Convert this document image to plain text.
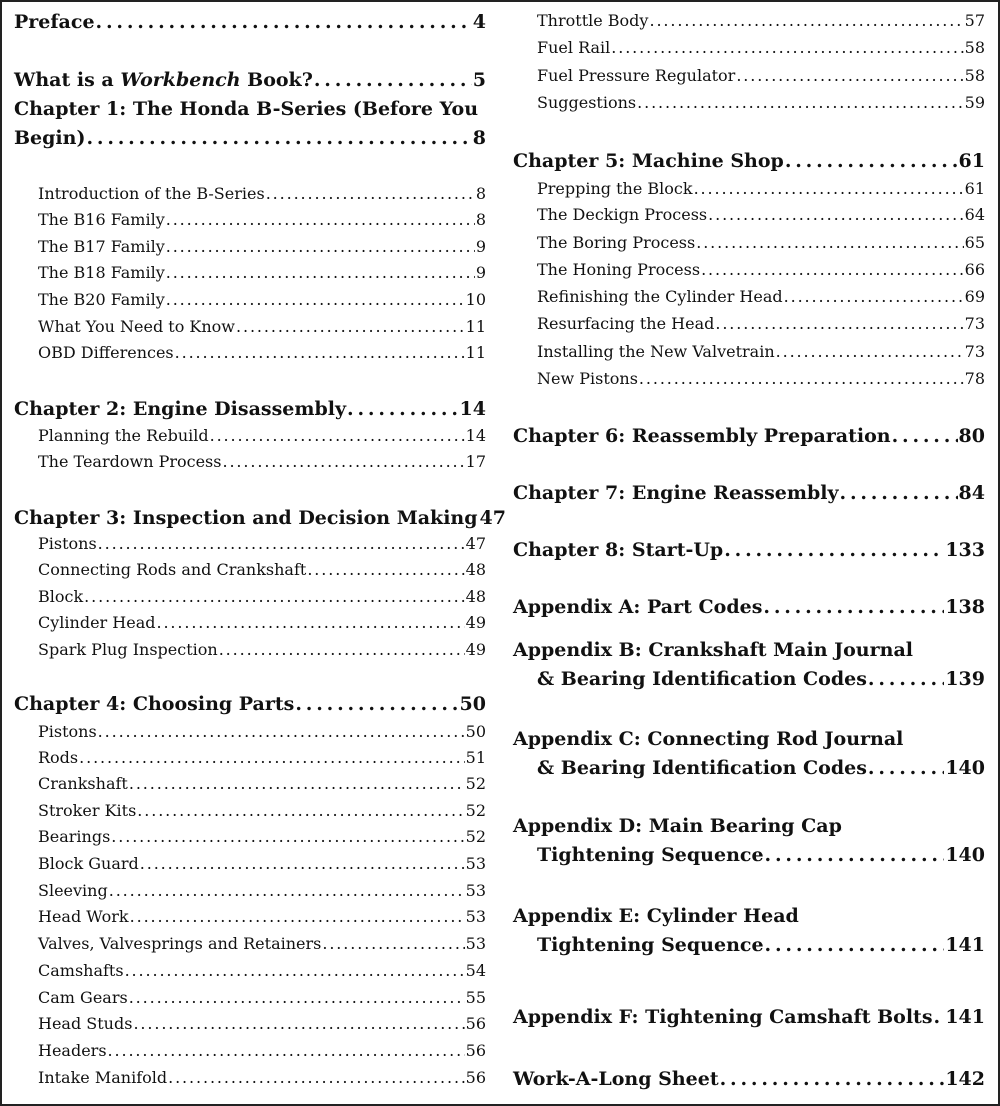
Preface . . .	4
What is a Workbench Book? . . .	5
Chapter 1: The Honda B-Series (Before You
Begin) . . .	8
Introduction of the B-Series . . .	8
The B16 Family . . .	8
The B17 Family . . .	9
The B18 Family . . .	9
The B20 Family . . .	10
What You Need to Know . . .	11
OBD Differences . . .	11
Chapter 2: Engine Disassembly . . .	14
Planning the Rebuild . . .	14
The Teardown Process . . .	17
Chapter 3: Inspection and Decision Making 47
Pistons . . .	47
Connecting Rods and Crankshaft . . .	48
Block . . .	48
Cylinder Head . . .	49
Spark Plug Inspection . . .	49
Chapter 4: Choosing Parts . . .	50
Pistons . . .	50
Rods . . .	51
Crankshaft . . .	52
Stroker Kits . . .	52
Bearings . . .	52
Block Guard . . .	53
Sleeving . . .	53
Head Work . . .	53
Valves, Valvesprings and Retainers . . .	53
Camshafts . . .	54
Cam Gears . . .	55
Head Studs . . .	56
Headers . . .	56
Intake Manifold . . .	56
Throttle Body . . .	57
Fuel Rail . . .	58
Fuel Pressure Regulator . . .	58
Suggestions . . .	59
Chapter 5: Machine Shop . . .	61
Prepping the Block . . .	61
The Deckign Process . . .	64
The Boring Process . . .	65
The Honing Process . . .	66
Refinishing the Cylinder Head . . .	69
Resurfacing the Head . . .	73
Installing the New Valvetrain . . .	73
New Pistons . . .	78
Chapter 6: Reassembly Preparation . . .	80
Chapter 7: Engine Reassembly . . .	84
Chapter 8: Start-Up . . .	133
Appendix A: Part Codes . . .	138
Appendix B: Crankshaft Main Journal
& Bearing Identification Codes . . .	139
Appendix C: Connecting Rod Journal
& Bearing Identification Codes . . .	140
Appendix D: Main Bearing Cap
Tightening Sequence . . .	140
Appendix E: Cylinder Head
Tightening Sequence . . .	141
Appendix F: Tightening Camshaft Bolts . . . 141
Work-A-Long Sheet . . .	142
